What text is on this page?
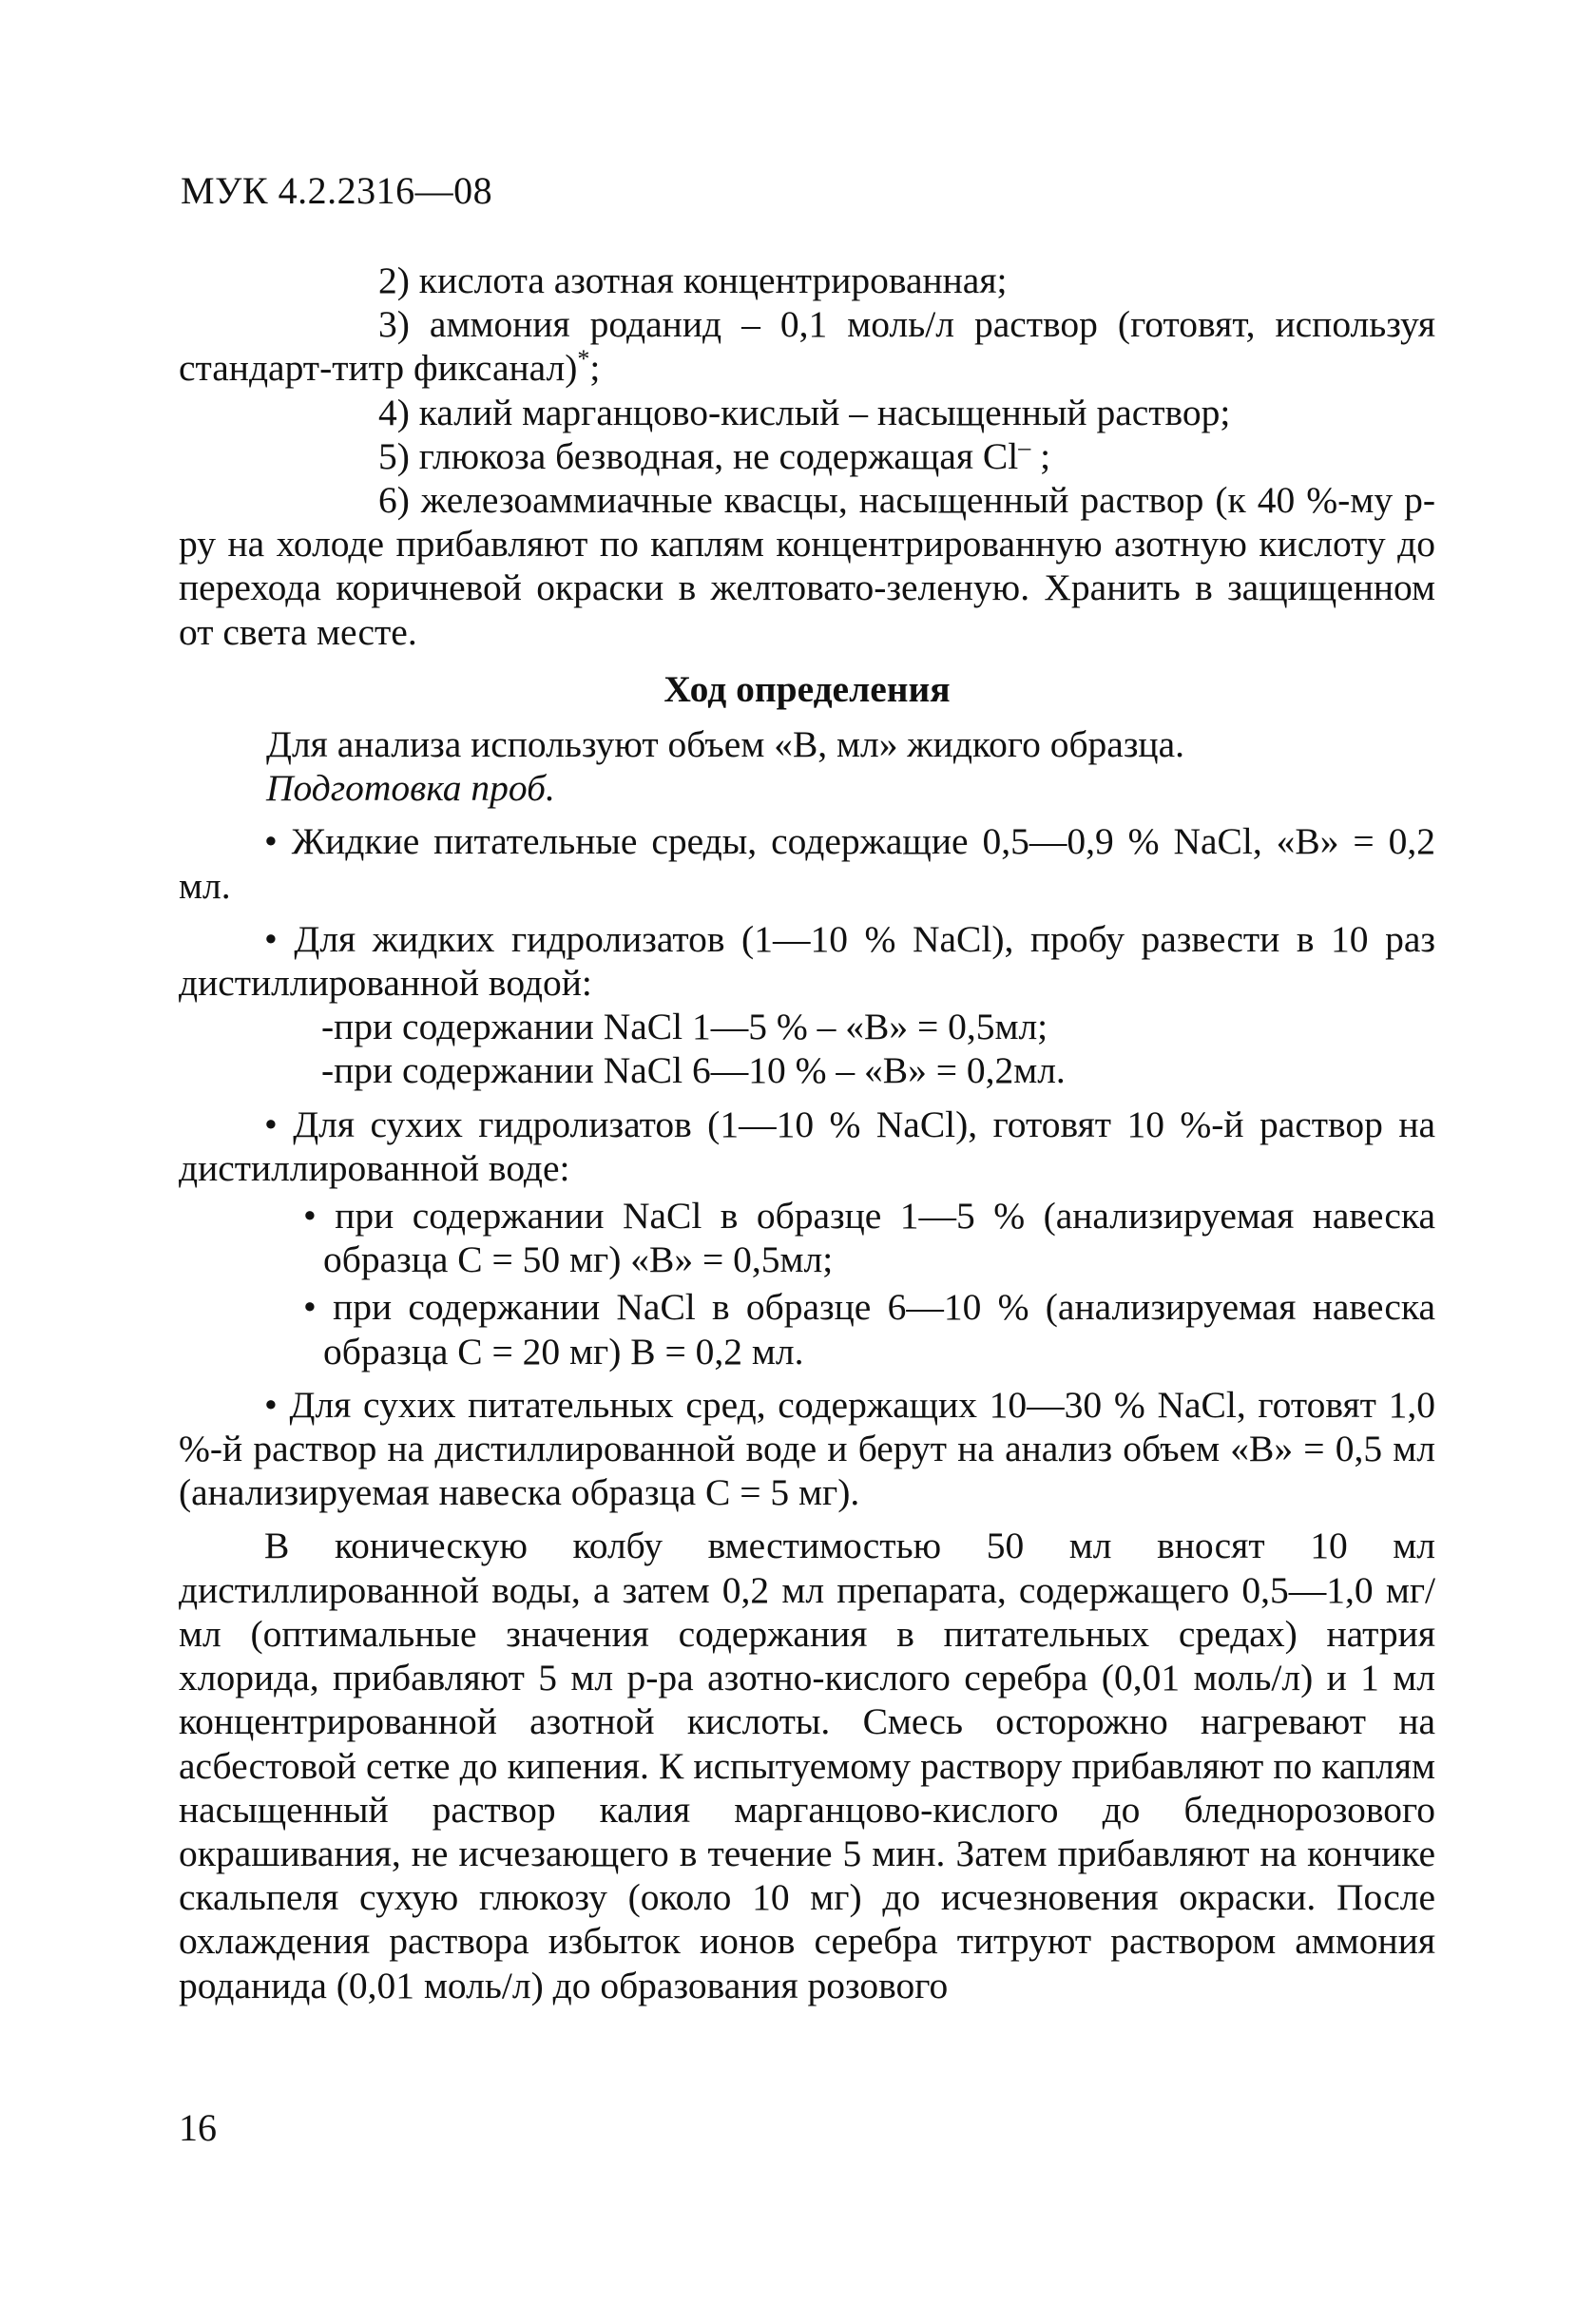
МУК 4.2.2316—08

2) кислота азотная концентрированная;

3) аммония роданид – 0,1 моль/л раствор (готовят, используя стандарт-титр фиксанал)*;

4) калий марганцово-кислый – насыщенный раствор;

5) глюкоза безводная, не содержащая Cl– ;

6) железоаммиачные квасцы, насыщенный раствор (к 40 %-му р-ру на холоде прибавляют по каплям концентрированную азотную кислоту до перехода коричневой окраски в желтовато-зеленую. Хранить в защищенном от света месте.

Ход определения

Для анализа используют объем «В, мл» жидкого образца.

Подготовка проб.

• Жидкие питательные среды, содержащие 0,5—0,9 % NaCl, «B» = 0,2 мл.

• Для жидких гидролизатов (1—10 % NaCl), пробу развести в 10 раз дистиллированной водой:

-при содержании NaCl 1—5 % – «B» = 0,5мл;

-при содержании NaCl 6—10 % – «B» = 0,2мл.

• Для сухих гидролизатов (1—10 % NaCl), готовят 10 %-й раствор на дистиллированной воде:

• при содержании NaCl в образце 1—5 % (анализируемая навеска образца C = 50 мг) «B» = 0,5мл;

• при содержании NaCl в образце 6—10 % (анализируемая навеска образца C = 20 мг) B = 0,2 мл.

• Для сухих питательных сред, содержащих 10—30 % NaCl, готовят 1,0 %-й раствор на дистиллированной воде и берут на анализ объем «B» = 0,5 мл (анализируемая навеска образца C = 5 мг).

В коническую колбу вместимостью 50 мл вносят 10 мл дистиллированной воды, а затем 0,2 мл препарата, содержащего 0,5—1,0 мг/мл (оптимальные значения содержания в питательных средах) натрия хлорида, прибавляют 5 мл р-ра азотно-кислого серебра (0,01 моль/л) и 1 мл концентрированной азотной кислоты. Смесь осторожно нагревают на асбестовой сетке до кипения. К испытуемому раствору прибавляют по каплям насыщенный раствор калия марганцово-кислого до бледнорозового окрашивания, не исчезающего в течение 5 мин. Затем прибавляют на кончике скальпеля сухую глюкозу (около 10 мг) до исчезновения окраски. После охлаждения раствора избыток ионов серебра титруют раствором аммония роданида (0,01 моль/л) до образования розового

16
